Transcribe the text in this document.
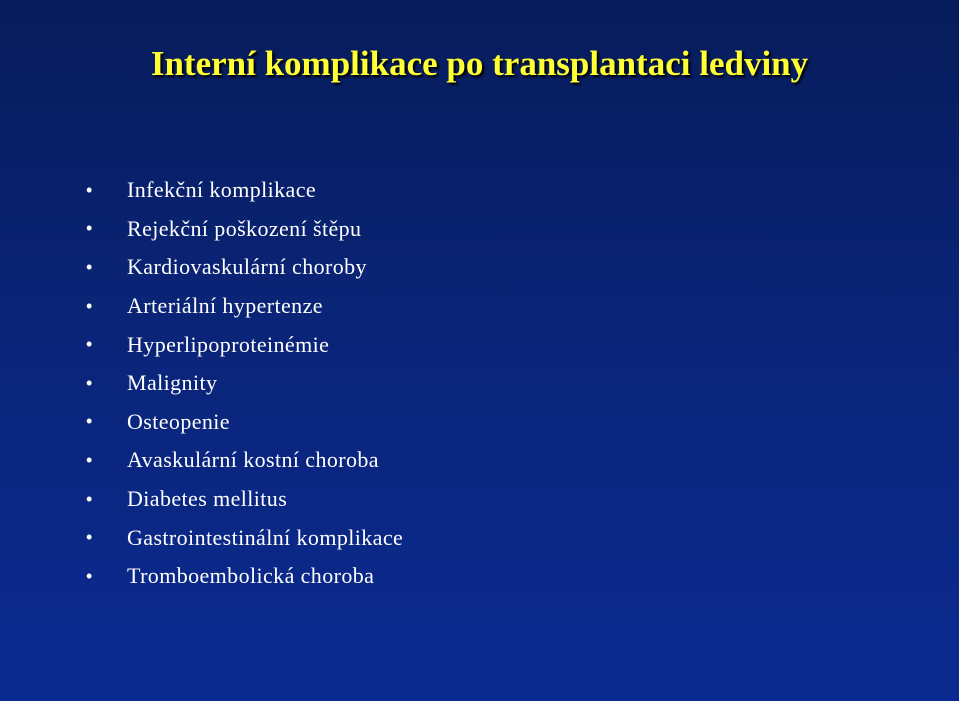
Interní komplikace po transplantaci ledviny
•	Infekční komplikace
•	Rejekční poškození štěpu
•	Kardiovaskulární choroby
•	Arteriální hypertenze
•	Hyperlipoproteinémie
•	Malignity
•	Osteopenie
•	Avaskulární kostní choroba
•	Diabetes mellitus
•	Gastrointestinální komplikace
•	Tromboembolická choroba
